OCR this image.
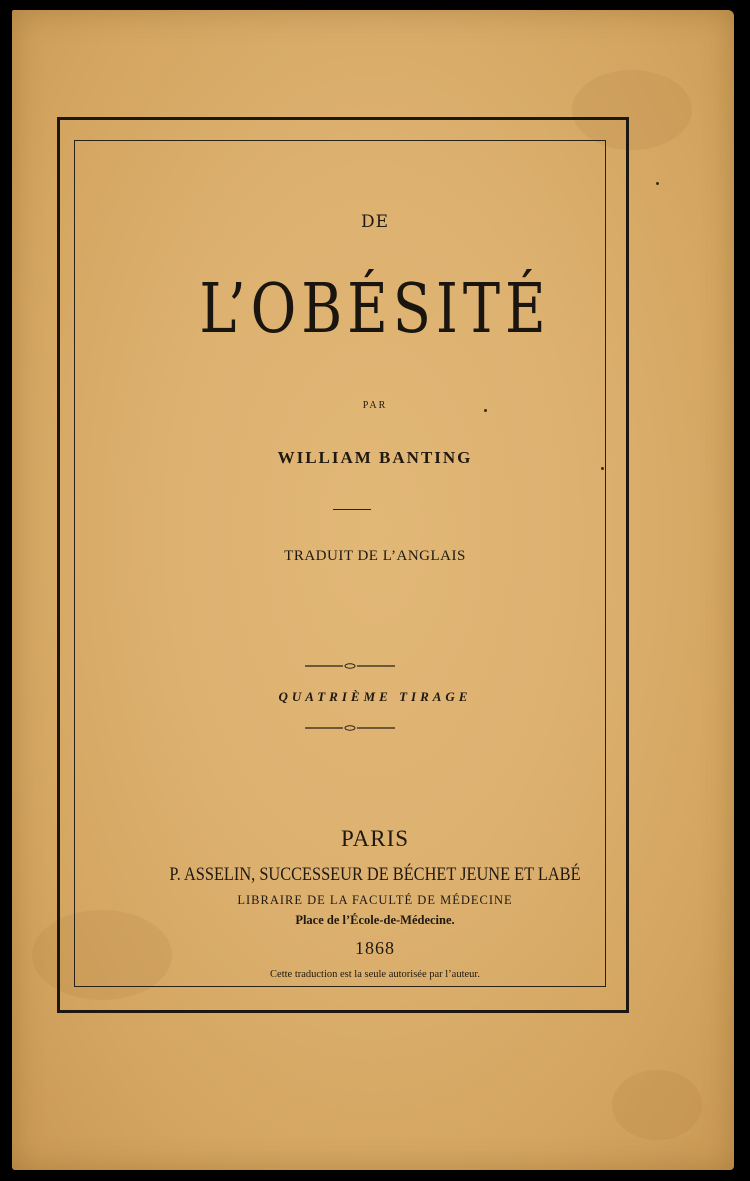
DE
L’OBÉSITÉ
PAR
WILLIAM BANTING
TRADUIT DE L’ANGLAIS
QUATRIÈME TIRAGE
PARIS
P. ASSELIN, SUCCESSEUR DE BÉCHET JEUNE ET LABÉ
LIBRAIRE DE LA FACULTÉ DE MÉDECINE
Place de l’École-de-Médecine.
1868
Cette traduction est la seule autorisée par l’auteur.
